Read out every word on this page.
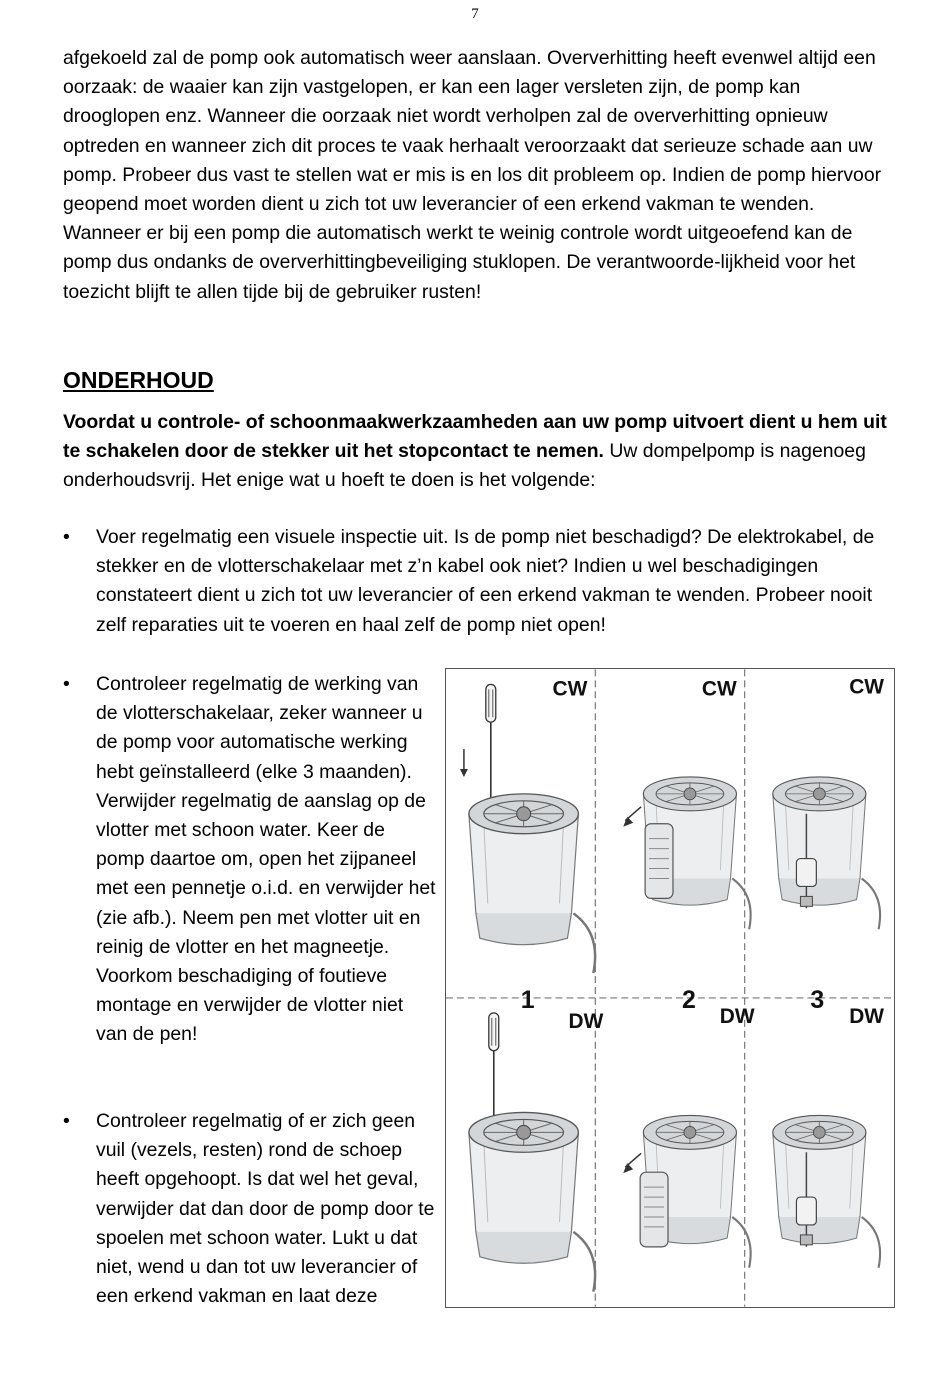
7

afgekoeld zal de pomp ook automatisch weer aanslaan. Oververhitting heeft evenwel altijd een oorzaak: de waaier kan zijn vastgelopen, er kan een lager versleten zijn, de pomp kan drooglopen enz. Wanneer die oorzaak niet wordt verholpen zal de oververhitting opnieuw optreden en wanneer zich dit proces te vaak herhaalt veroorzaakt dat serieuze schade aan uw pomp. Probeer dus vast te stellen wat er mis is en los dit probleem op. Indien de pomp hiervoor geopend moet worden dient u zich tot uw leverancier of een erkend vakman te wenden. Wanneer er bij een pomp die automatisch werkt te weinig controle wordt uitgeoefend kan de pomp dus ondanks de oververhittingbeveiliging stuklopen. De verantwoorde-lijkheid voor het toezicht blijft te allen tijde bij de gebruiker rusten!

ONDERHOUD

Voordat u controle- of schoonmaakwerkzaamheden aan uw pomp uitvoert dient u hem uit te schakelen door de stekker uit het stopcontact te nemen. Uw dompelpomp is nagenoeg onderhoudsvrij. Het enige wat u hoeft te doen is het volgende:

•	Voer regelmatig een visuele inspectie uit. Is de pomp niet beschadigd? De elektrokabel, de stekker en de vlotterschakelaar met z’n kabel ook niet? Indien u wel beschadigingen constateert dient u zich tot uw leverancier of een erkend vakman te wenden. Probeer nooit zelf reparaties uit te voeren en haal zelf de pomp niet open!

•	Controleer regelmatig de werking van de vlotterschakelaar, zeker wanneer u de pomp voor automatische werking hebt geïnstalleerd (elke 3 maanden). Verwijder regelmatig de aanslag op de vlotter met schoon water. Keer de pomp daartoe om, open het zijpaneel met een pennetje o.i.d. en verwijder het (zie afb.). Neem pen met vlotter uit en reinig de vlotter en het magneetje. Voorkom beschadiging of foutieve montage en verwijder de vlotter niet van de pen!

•	Controleer regelmatig of er zich geen vuil (vezels, resten) rond de schoep heeft opgehoopt. Is dat wel het geval, verwijder dat dan door de pomp door te spoelen met schoon water. Lukt u dat niet, wend u dan tot uw leverancier of een erkend vakman en laat deze

CW	CW	CW
1	2	3
DW	DW	DW
